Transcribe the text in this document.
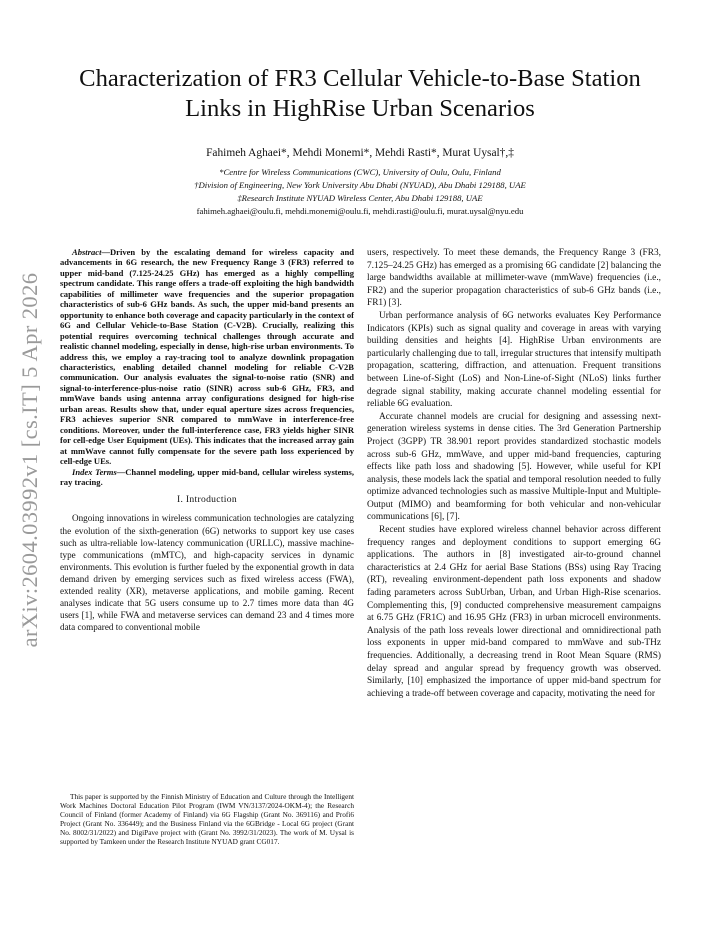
arXiv:2604.03992v1 [cs.IT] 5 Apr 2026
Characterization of FR3 Cellular Vehicle-to-Base Station Links in HighRise Urban Scenarios
Fahimeh Aghaei*, Mehdi Monemi*, Mehdi Rasti*, Murat Uysal†,‡
*Centre for Wireless Communications (CWC), University of Oulu, Oulu, Finland
†Division of Engineering, New York University Abu Dhabi (NYUAD), Abu Dhabi 129188, UAE
‡Research Institute NYUAD Wireless Center, Abu Dhabi 129188, UAE
fahimeh.aghaei@oulu.fi, mehdi.monemi@oulu.fi, mehdi.rasti@oulu.fi, murat.uysal@nyu.edu

Abstract—Driven by the escalating demand for wireless capacity and advancements in 6G research, the new Frequency Range 3 (FR3) referred to upper mid-band (7.125-24.25 GHz) has emerged as a highly compelling spectrum candidate. This range offers a trade-off exploiting the high bandwidth capabilities of millimeter wave frequencies and the superior propagation characteristics of sub-6 GHz bands. As such, the upper mid-band presents an opportunity to enhance both coverage and capacity particularly in the context of 6G and Cellular Vehicle-to-Base Station (C-V2B). Crucially, realizing this potential requires overcoming technical challenges through accurate and realistic channel modeling, especially in dense, high-rise urban environments. To address this, we employ a ray-tracing tool to analyze downlink propagation characteristics, enabling detailed channel modeling for reliable C-V2B communication. Our analysis evaluates the signal-to-noise ratio (SNR) and signal-to-interference-plus-noise ratio (SINR) across sub-6 GHz, FR3, and mmWave bands using antenna array configurations designed for high-rise urban areas. Results show that, under equal aperture sizes across frequencies, FR3 achieves superior SNR compared to mmWave in interference-free conditions. Moreover, under the full-interference case, FR3 yields higher SINR for cell-edge User Equipment (UEs). This indicates that the increased array gain at mmWave cannot fully compensate for the severe path loss experienced by cell-edge UEs.

Index Terms—Channel modeling, upper mid-band, cellular wireless systems, ray tracing.

I. Introduction

Ongoing innovations in wireless communication technologies are catalyzing the evolution of the sixth-generation (6G) networks to support key use cases such as ultra-reliable low-latency communication (URLLC), massive machine-type communications (mMTC), and high-capacity services in dynamic environments. This evolution is further fueled by the exponential growth in data demand driven by emerging services such as fixed wireless access (FWA), extended reality (XR), metaverse applications, and mobile gaming. Recent analyses indicate that 5G users consume up to 2.7 times more data than 4G users [1], while FWA and metaverse services can demand 23 and 4 times more data compared to conventional mobile

This paper is supported by the Finnish Ministry of Education and Culture through the Intelligent Work Machines Doctoral Education Pilot Program (IWM VN/3137/2024-OKM-4); the Research Council of Finland (former Academy of Finland) via 6G Flagship (Grant No. 369116) and Profi6 Project (Grant No. 336449); and the Business Finland via the 6GBridge - Local 6G project (Grant No. 8002/31/2022) and DigiPave project with (Grant No. 3992/31/2023). The work of M. Uysal is supported by Tamkeen under the Research Institute NYUAD grant CG017.

users, respectively. To meet these demands, the Frequency Range 3 (FR3, 7.125–24.25 GHz) has emerged as a promising 6G candidate [2] balancing the large bandwidths available at millimeter-wave (mmWave) frequencies (i.e., FR2) and the superior propagation characteristics of sub-6 GHz bands (i.e., FR1) [3].

Urban performance analysis of 6G networks evaluates Key Performance Indicators (KPIs) such as signal quality and coverage in areas with varying building densities and heights [4]. HighRise Urban environments are particularly challenging due to tall, irregular structures that intensify multipath propagation, scattering, diffraction, and attenuation. Frequent transitions between Line-of-Sight (LoS) and Non-Line-of-Sight (NLoS) links further degrade signal stability, making accurate channel modeling essential for reliable 6G evaluation.

Accurate channel models are crucial for designing and assessing next-generation wireless systems in dense cities. The 3rd Generation Partnership Project (3GPP) TR 38.901 report provides standardized stochastic models across sub-6 GHz, mmWave, and upper mid-band frequencies, capturing effects like path loss and shadowing [5]. However, while useful for KPI analysis, these models lack the spatial and temporal resolution needed to fully optimize advanced technologies such as massive Multiple-Input and Multiple-Output (MIMO) and beamforming for both vehicular and non-vehicular communications [6], [7].

Recent studies have explored wireless channel behavior across different frequency ranges and deployment conditions to support emerging 6G applications. The authors in [8] investigated air-to-ground channel characteristics at 2.4 GHz for aerial Base Stations (BSs) using Ray Tracing (RT), revealing environment-dependent path loss exponents and shadow fading parameters across SubUrban, Urban, and Urban High-Rise scenarios. Complementing this, [9] conducted comprehensive measurement campaigns at 6.75 GHz (FR1C) and 16.95 GHz (FR3) in urban microcell environments. Analysis of the path loss reveals lower directional and omnidirectional path loss exponents in upper mid-band compared to mmWave and sub-THz frequencies. Additionally, a decreasing trend in Root Mean Square (RMS) delay spread and angular spread by frequency growth was observed. Similarly, [10] emphasized the importance of upper mid-band spectrum for achieving a trade-off between coverage and capacity, motivating the need for
